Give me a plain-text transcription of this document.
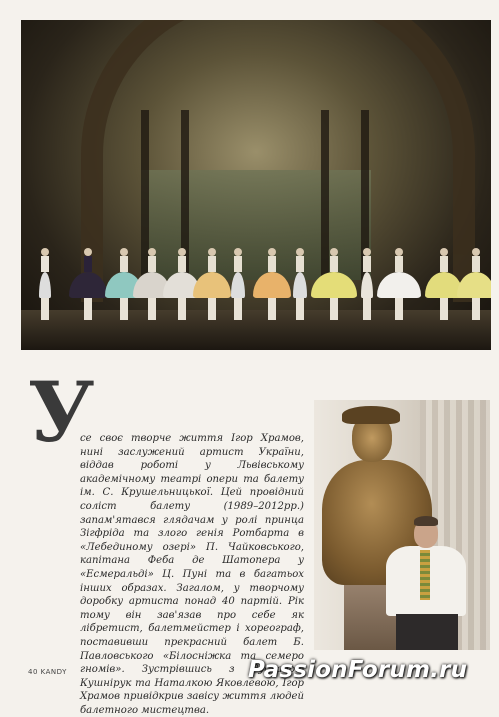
У
се своє творче життя Ігор Храмов, нині заслужений артист України, віддав роботі у Львівському академічному театрі опери та балету ім. С. Крушельницької. Цей провідний соліст балету (1989–2012рр.) запам'ятався глядачам у ролі принца Зігфріда та злого генія Ротбарта в «Лебединому озері» П. Чайковського, капітана Феба де Шатопера у «Есмеральді» Ц. Пуні та в багатьох інших образах. Загалом, у творчому доробку артиста понад 40 партій. Рік тому він зав'язав про себе як лібретист, балетмейстер і хореограф, поставивши прекрасний балет Б. Павловського «Білосніжка та семеро гномів». Зустрівшись з Русланою Кушнірук та Наталкою Яковлевою, Ігор Храмов привідкрив завісу життя людей балетного мистецтва.
40 KANDY	PassionForum.ru
